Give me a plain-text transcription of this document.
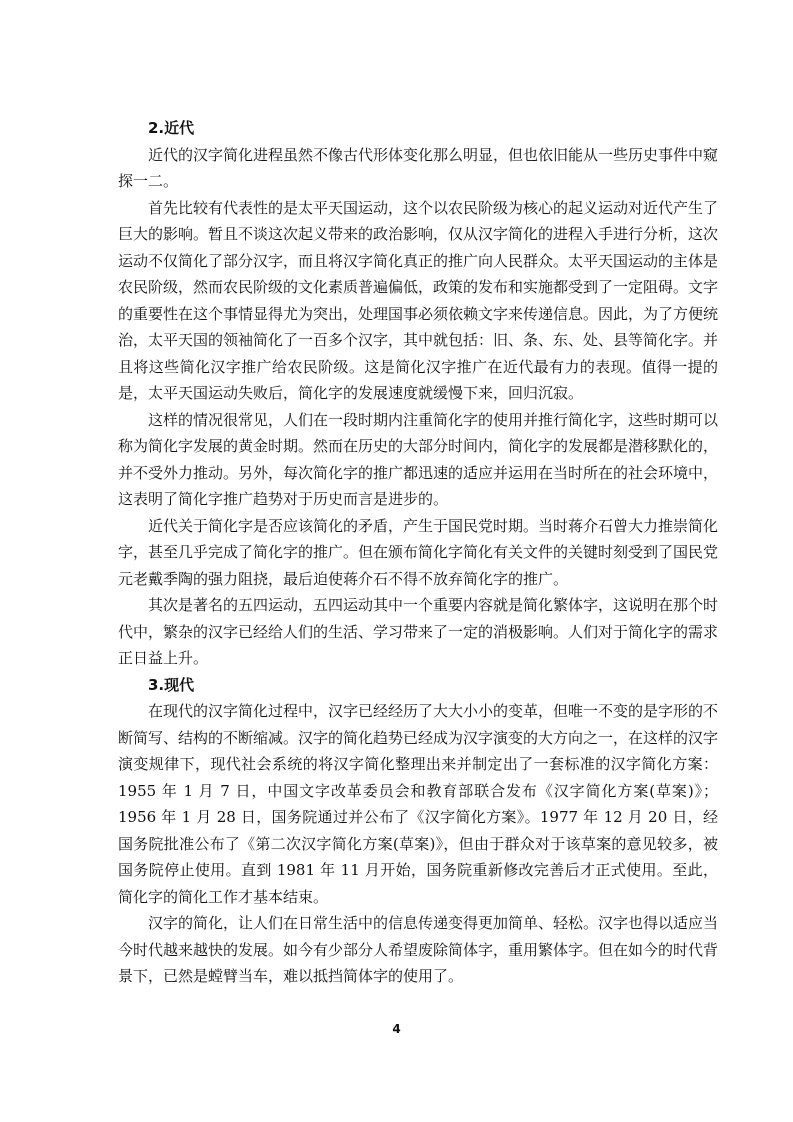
2.近代

近代的汉字简化进程虽然不像古代形体变化那么明显，但也依旧能从一些历史事件中窥探一二。

首先比较有代表性的是太平天国运动，这个以农民阶级为核心的起义运动对近代产生了巨大的影响。暂且不谈这次起义带来的政治影响，仅从汉字简化的进程入手进行分析，这次运动不仅简化了部分汉字，而且将汉字简化真正的推广向人民群众。太平天国运动的主体是农民阶级，然而农民阶级的文化素质普遍偏低，政策的发布和实施都受到了一定阻碍。文字的重要性在这个事情显得尤为突出，处理国事必须依赖文字来传递信息。因此，为了方便统治，太平天国的领袖简化了一百多个汉字，其中就包括：旧、条、东、处、县等简化字。并且将这些简化汉字推广给农民阶级。这是简化汉字推广在近代最有力的表现。值得一提的是，太平天国运动失败后，简化字的发展速度就缓慢下来，回归沉寂。

这样的情况很常见，人们在一段时期内注重简化字的使用并推行简化字，这些时期可以称为简化字发展的黄金时期。然而在历史的大部分时间内，简化字的发展都是潜移默化的，并不受外力推动。另外，每次简化字的推广都迅速的适应并运用在当时所在的社会环境中，这表明了简化字推广趋势对于历史而言是进步的。

近代关于简化字是否应该简化的矛盾，产生于国民党时期。当时蒋介石曾大力推崇简化字，甚至几乎完成了简化字的推广。但在颁布简化字简化有关文件的关键时刻受到了国民党元老戴季陶的强力阻挠，最后迫使蒋介石不得不放弃简化字的推广。

其次是著名的五四运动，五四运动其中一个重要内容就是简化繁体字，这说明在那个时代中，繁杂的汉字已经给人们的生活、学习带来了一定的消极影响。人们对于简化字的需求正日益上升。

3.现代

在现代的汉字简化过程中，汉字已经经历了大大小小的变革，但唯一不变的是字形的不断简写、结构的不断缩减。汉字的简化趋势已经成为汉字演变的大方向之一，在这样的汉字演变规律下，现代社会系统的将汉字简化整理出来并制定出了一套标准的汉字简化方案：1955 年 1 月 7 日，中国文字改革委员会和教育部联合发布《汉字简化方案(草案)》；1956 年 1 月 28 日，国务院通过并公布了《汉字简化方案》。1977 年 12 月 20 日，经国务院批准公布了《第二次汉字简化方案(草案)》，但由于群众对于该草案的意见较多，被国务院停止使用。直到 1981 年 11 月开始，国务院重新修改完善后才正式使用。至此，简化字的简化工作才基本结束。

汉字的简化，让人们在日常生活中的信息传递变得更加简单、轻松。汉字也得以适应当今时代越来越快的发展。如今有少部分人希望废除简体字，重用繁体字。但在如今的时代背景下，已然是螳臂当车，难以抵挡简体字的使用了。

4
